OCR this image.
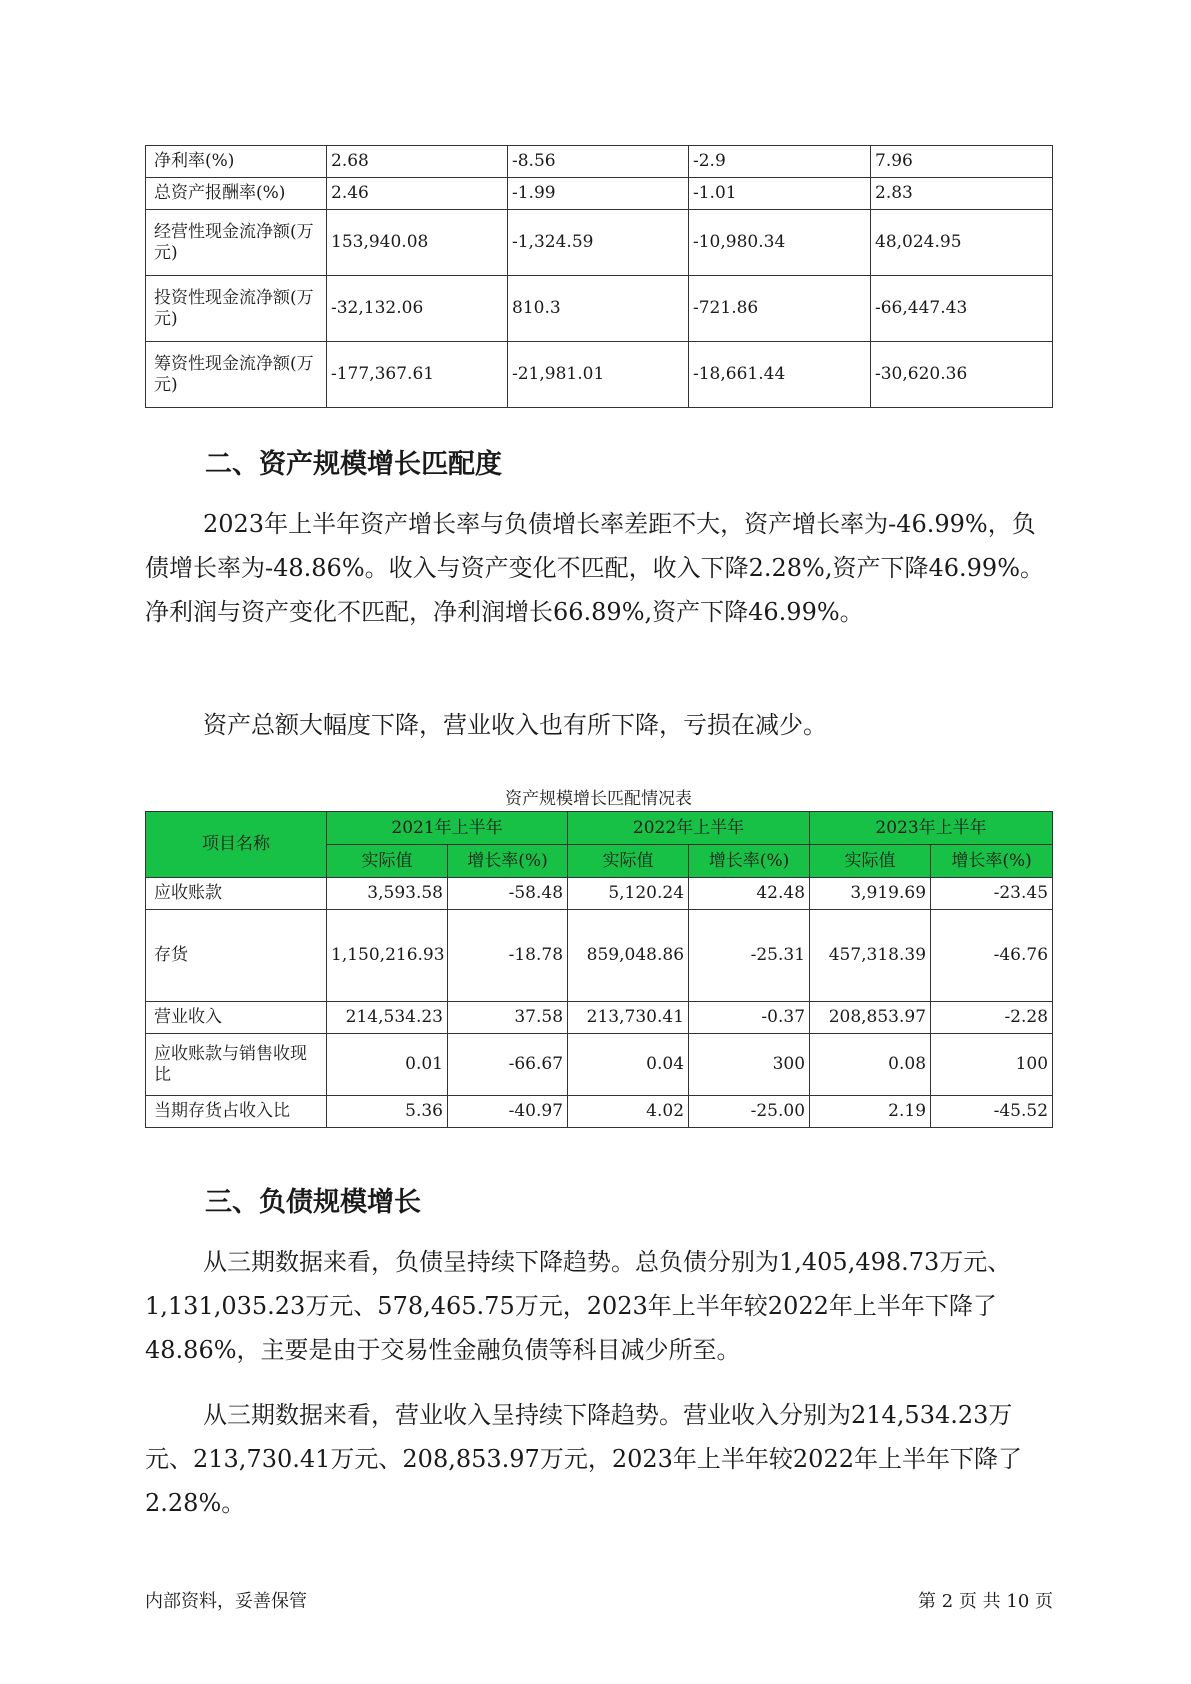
净利率(%)	2.68	-8.56	-2.9	7.96
总资产报酬率(%)	2.46	-1.99	-1.01	2.83
经营性现金流净额(万元)	153,940.08	-1,324.59	-10,980.34	48,024.95
投资性现金流净额(万元)	-32,132.06	810.3	-721.86	-66,447.43
筹资性现金流净额(万元)	-177,367.61	-21,981.01	-18,661.44	-30,620.36
二、资产规模增长匹配度

2023年上半年资产增长率与负债增长率差距不大，资产增长率为-46.99%，负债增长率为-48.86%。收入与资产变化不匹配，收入下降2.28%,资产下降46.99%。净利润与资产变化不匹配，净利润增长66.89%,资产下降46.99%。

资产总额大幅度下降，营业收入也有所下降，亏损在减少。

资产规模增长匹配情况表
项目名称	2021年上半年		2022年上半年		2023年上半年	
	实际值	增长率(%)	实际值	增长率(%)	实际值	增长率(%)
应收账款	3,593.58	-58.48	5,120.24	42.48	3,919.69	-23.45
存货	1,150,216.93	-18.78	859,048.86	-25.31	457,318.39	-46.76
营业收入	214,534.23	37.58	213,730.41	-0.37	208,853.97	-2.28
应收账款与销售收现比	0.01	-66.67	0.04	300	0.08	100
当期存货占收入比	5.36	-40.97	4.02	-25.00	2.19	-45.52
三、负债规模增长

从三期数据来看，负债呈持续下降趋势。总负债分别为1,405,498.73万元、1,131,035.23万元、578,465.75万元，2023年上半年较2022年上半年下降了48.86%，主要是由于交易性金融负债等科目减少所至。

从三期数据来看，营业收入呈持续下降趋势。营业收入分别为214,534.23万元、213,730.41万元、208,853.97万元，2023年上半年较2022年上半年下降了2.28%。

内部资料，妥善保管	第 2 页 共 10 页
